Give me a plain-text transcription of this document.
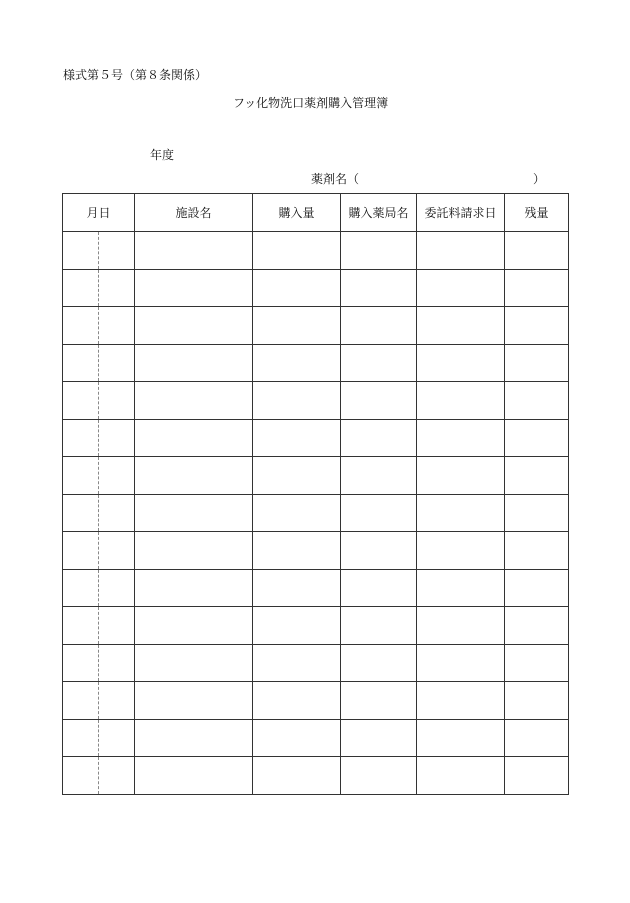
様式第５号（第８条関係）
フッ化物洗口薬剤購入管理簿
年度
薬剤名（	）
月日		施設名	購入量	購入薬局名	委託料請求日	残量
